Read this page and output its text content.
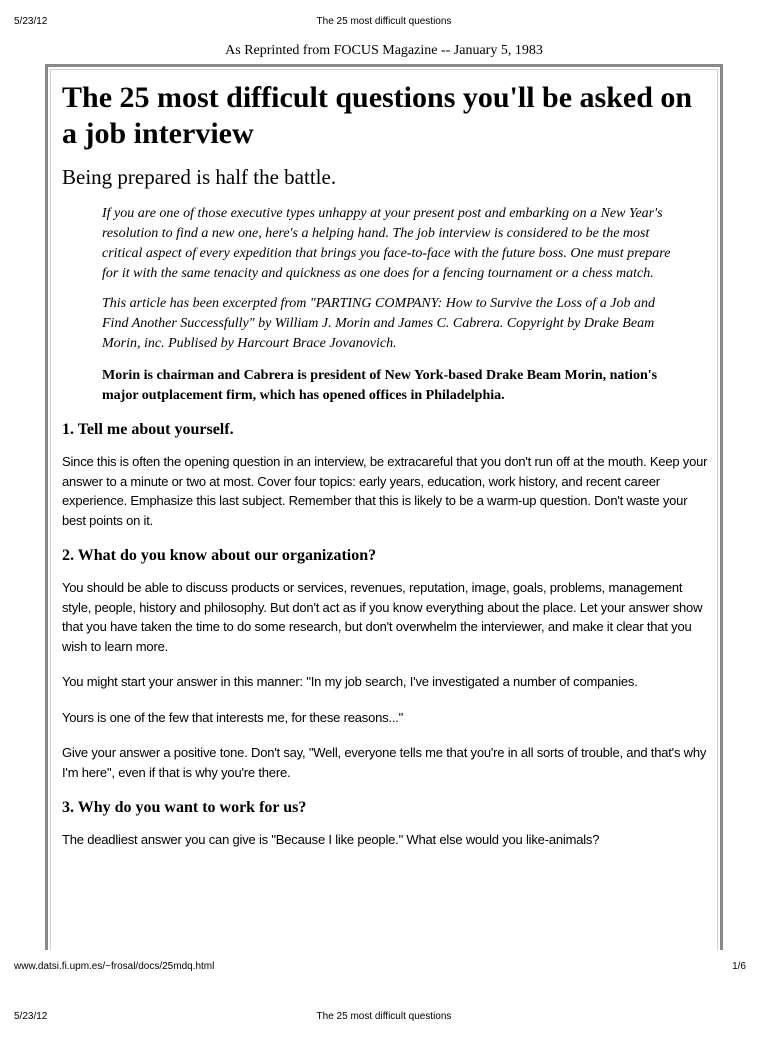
5/23/12	The 25 most difficult questions
As Reprinted from FOCUS Magazine -- January 5, 1983
The 25 most difficult questions you'll be asked on a job interview
Being prepared is half the battle.

If you are one of those executive types unhappy at your present post and embarking on a New Year's resolution to find a new one, here's a helping hand. The job interview is considered to be the most critical aspect of every expedition that brings you face-to-face with the future boss. One must prepare for it with the same tenacity and quickness as one does for a fencing tournament or a chess match.

This article has been excerpted from "PARTING COMPANY: How to Survive the Loss of a Job and Find Another Successfully" by William J. Morin and James C. Cabrera. Copyright by Drake Beam Morin, inc. Publised by Harcourt Brace Jovanovich.

Morin is chairman and Cabrera is president of New York-based Drake Beam Morin, nation's major outplacement firm, which has opened offices in Philadelphia.

1. Tell me about yourself.

Since this is often the opening question in an interview, be extracareful that you don't run off at the mouth. Keep your answer to a minute or two at most. Cover four topics: early years, education, work history, and recent career experience. Emphasize this last subject. Remember that this is likely to be a warm-up question. Don't waste your best points on it.

2. What do you know about our organization?

You should be able to discuss products or services, revenues, reputation, image, goals, problems, management style, people, history and philosophy. But don't act as if you know everything about the place. Let your answer show that you have taken the time to do some research, but don't overwhelm the interviewer, and make it clear that you wish to learn more.

You might start your answer in this manner: "In my job search, I've investigated a number of companies.

Yours is one of the few that interests me, for these reasons..."

Give your answer a positive tone. Don't say, "Well, everyone tells me that you're in all sorts of trouble, and that's why I'm here", even if that is why you're there.

3. Why do you want to work for us?

The deadliest answer you can give is "Because I like people." What else would you like-animals?

www.datsi.fi.upm.es/~frosal/docs/25mdq.html	1/6
5/23/12	The 25 most difficult questions
